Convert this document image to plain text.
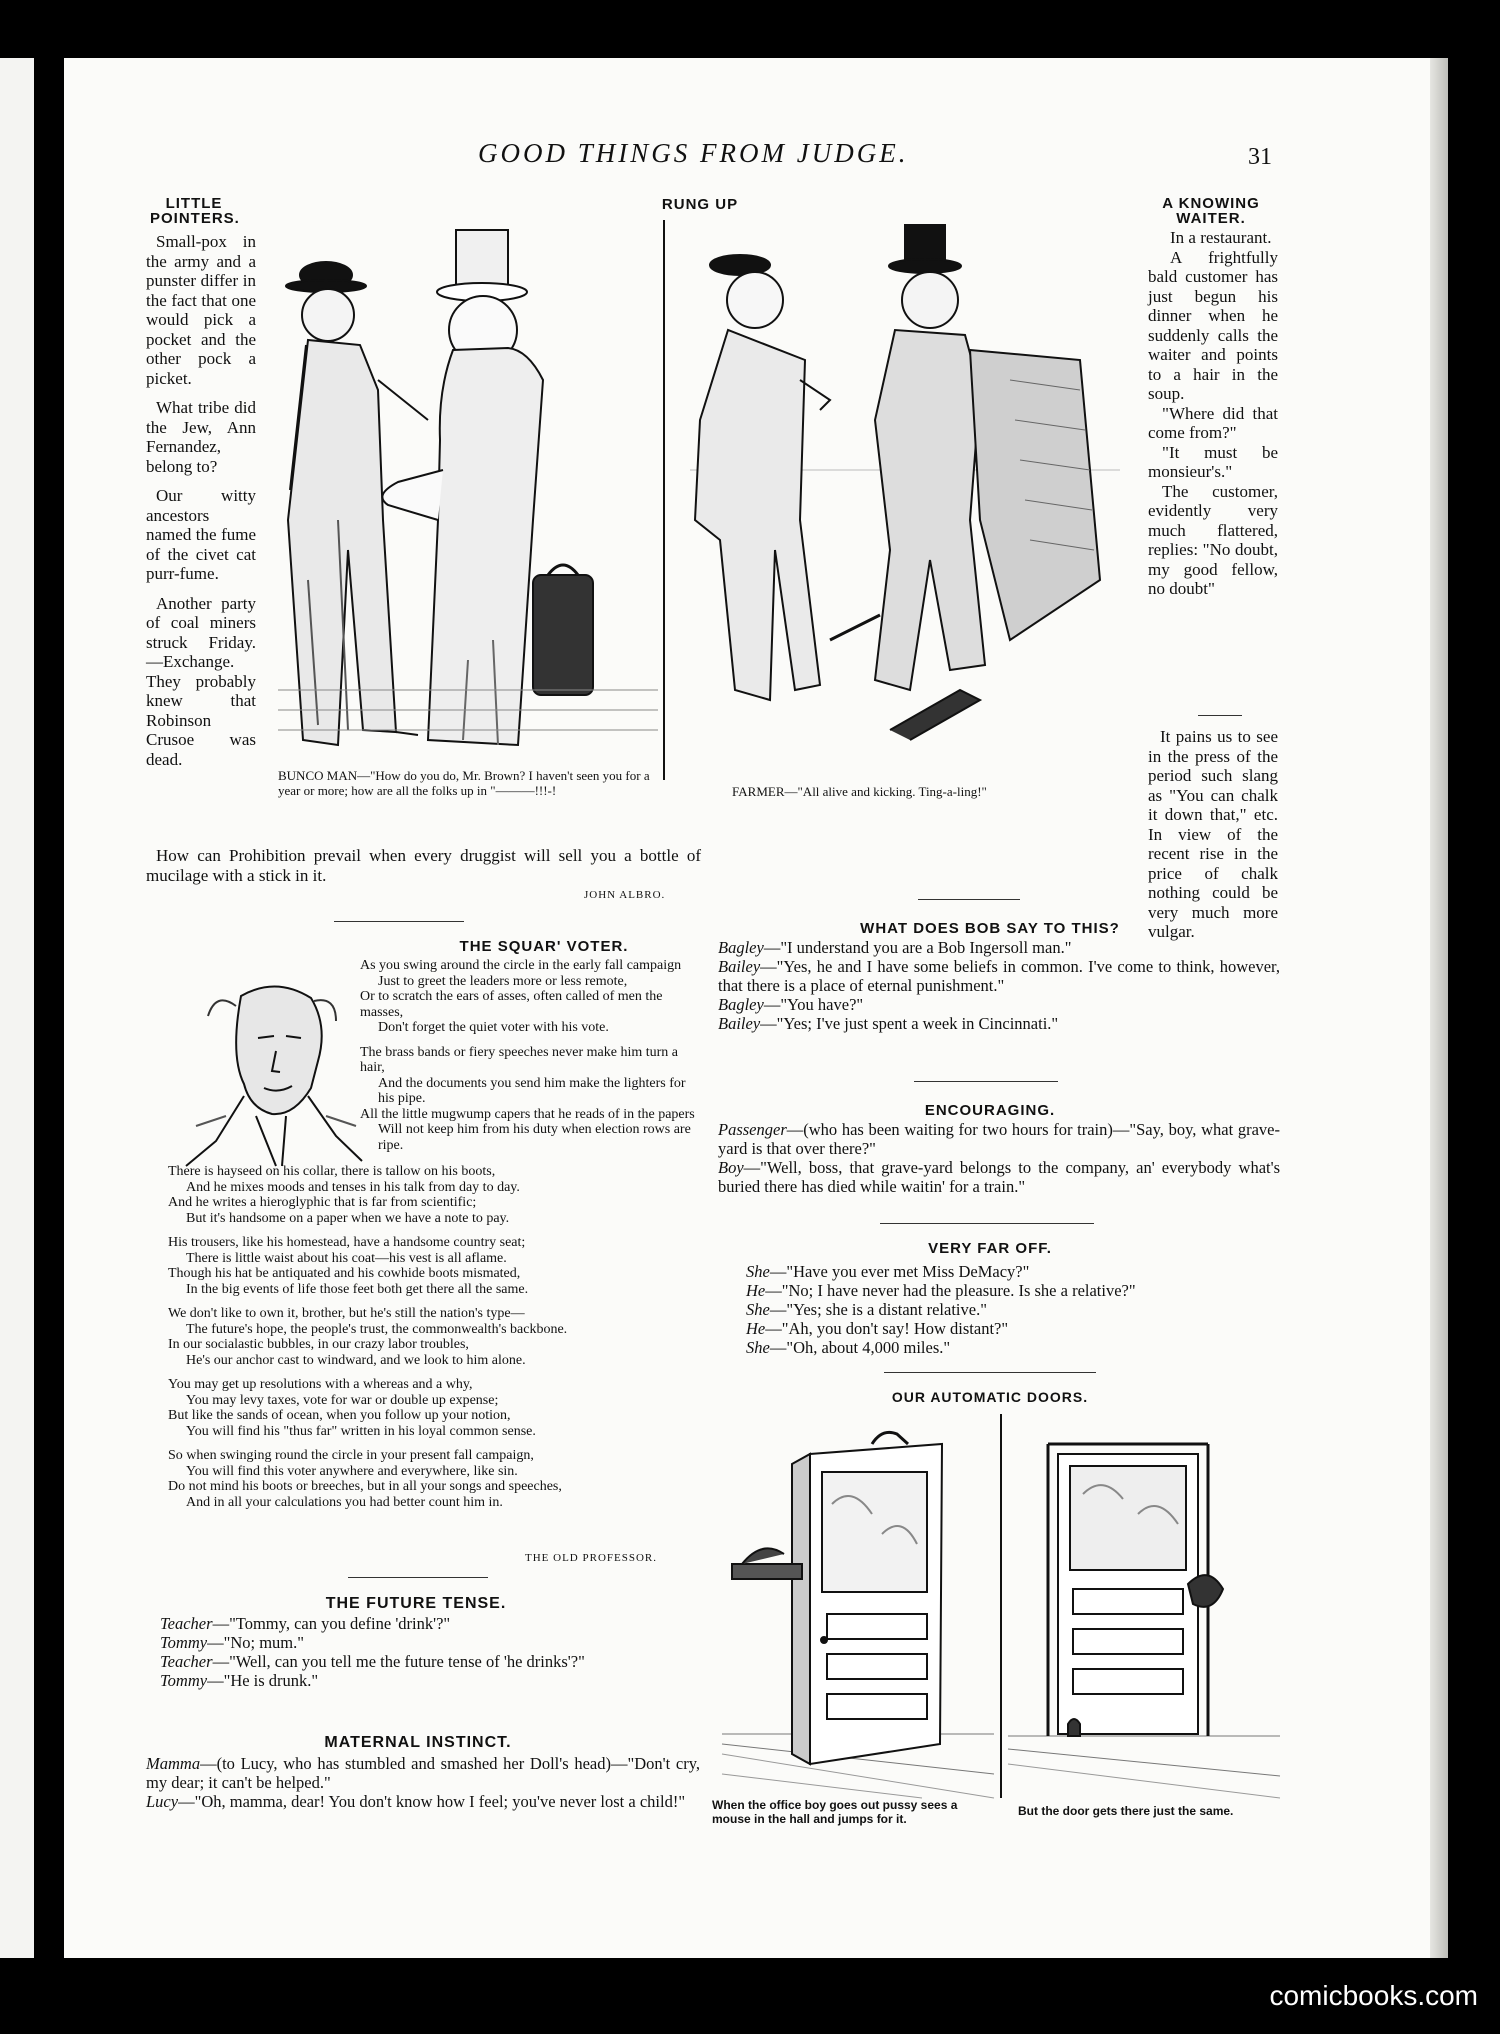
GOOD THINGS FROM JUDGE.	31
LITTLE POINTERS.

Small-pox in the army and a punster differ in the fact that one would pick a pocket and the other pock a picket.

What tribe did the Jew, Ann Fernandez, belong to?

Our witty ancestors named the fume of the civet cat purr-fume.

Another party of coal miners struck Friday.—Exchange. They probably knew that Robinson Crusoe was dead.

How can Prohibition prevail when every druggist will sell you a bottle of mucilage with a stick in it.
JOHN ALBRO.
RUNG UP
BUNCO MAN—"How do you do, Mr. Brown? I haven't seen you for a year or more; how are all the folks up in "———!!!-!	FARMER—"All alive and kicking. Ting-a-ling!"
A KNOWING WAITER.

In a restaurant.

A frightfully bald customer has just begun his dinner when he suddenly calls the waiter and points to a hair in the soup.

"Where did that come from?"

"It must be monsieur's."

The customer, evidently very much flattered, replies: "No doubt, my good fellow, no doubt"

It pains us to see in the press of the period such slang as "You can chalk it down that," etc. In view of the recent rise in the price of chalk nothing could be very much more vulgar.
THE SQUAR' VOTER.

As you swing around the circle in the early fall campaign

Just to greet the leaders more or less remote,

Or to scratch the ears of asses, often called of men the masses,

Don't forget the quiet voter with his vote.

The brass bands or fiery speeches never make him turn a hair,

And the documents you send him make the lighters for his pipe.

All the little mugwump capers that he reads of in the papers

Will not keep him from his duty when election rows are ripe.

There is hayseed on his collar, there is tallow on his boots,

And he mixes moods and tenses in his talk from day to day.

And he writes a hieroglyphic that is far from scientific;

But it's handsome on a paper when we have a note to pay.

His trousers, like his homestead, have a handsome country seat;

There is little waist about his coat—his vest is all aflame.

Though his hat be antiquated and his cowhide boots mismated,

In the big events of life those feet both get there all the same.

We don't like to own it, brother, but he's still the nation's type—

The future's hope, the people's trust, the commonwealth's backbone.

In our socialastic bubbles, in our crazy labor troubles,

He's our anchor cast to windward, and we look to him alone.

You may get up resolutions with a whereas and a why,

You may levy taxes, vote for war or double up expense;

But like the sands of ocean, when you follow up your notion,

You will find his "thus far" written in his loyal common sense.

So when swinging round the circle in your present fall campaign,

You will find this voter anywhere and everywhere, like sin.

Do not mind his boots or breeches, but in all your songs and speeches,

And in all your calculations you had better count him in.

THE OLD PROFESSOR.
THE FUTURE TENSE.

Teacher—"Tommy, can you define 'drink'?"

Tommy—"No; mum."

Teacher—"Well, can you tell me the future tense of 'he drinks'?"

Tommy—"He is drunk."

MATERNAL INSTINCT.

Mamma—(to Lucy, who has stumbled and smashed her Doll's head)—"Don't cry, my dear; it can't be helped."

Lucy—"Oh, mamma, dear! You don't know how I feel; you've never lost a child!"

WHAT DOES BOB SAY TO THIS?

Bagley—"I understand you are a Bob Ingersoll man."

Bailey—"Yes, he and I have some beliefs in common. I've come to think, however, that there is a place of eternal punishment."

Bagley—"You have?"

Bailey—"Yes; I've just spent a week in Cincinnati."

ENCOURAGING.

Passenger—(who has been waiting for two hours for train)—"Say, boy, what grave-yard is that over there?"

Boy—"Well, boss, that grave-yard belongs to the company, an' everybody what's buried there has died while waitin' for a train."

VERY FAR OFF.

She—"Have you ever met Miss DeMacy?"

He—"No; I have never had the pleasure. Is she a relative?"

She—"Yes; she is a distant relative."

He—"Ah, you don't say! How distant?"

She—"Oh, about 4,000 miles."

OUR AUTOMATIC DOORS.
When the office boy goes out pussy sees a mouse in the hall and jumps for it.
But the door gets there just the same.
comicbooks.com
